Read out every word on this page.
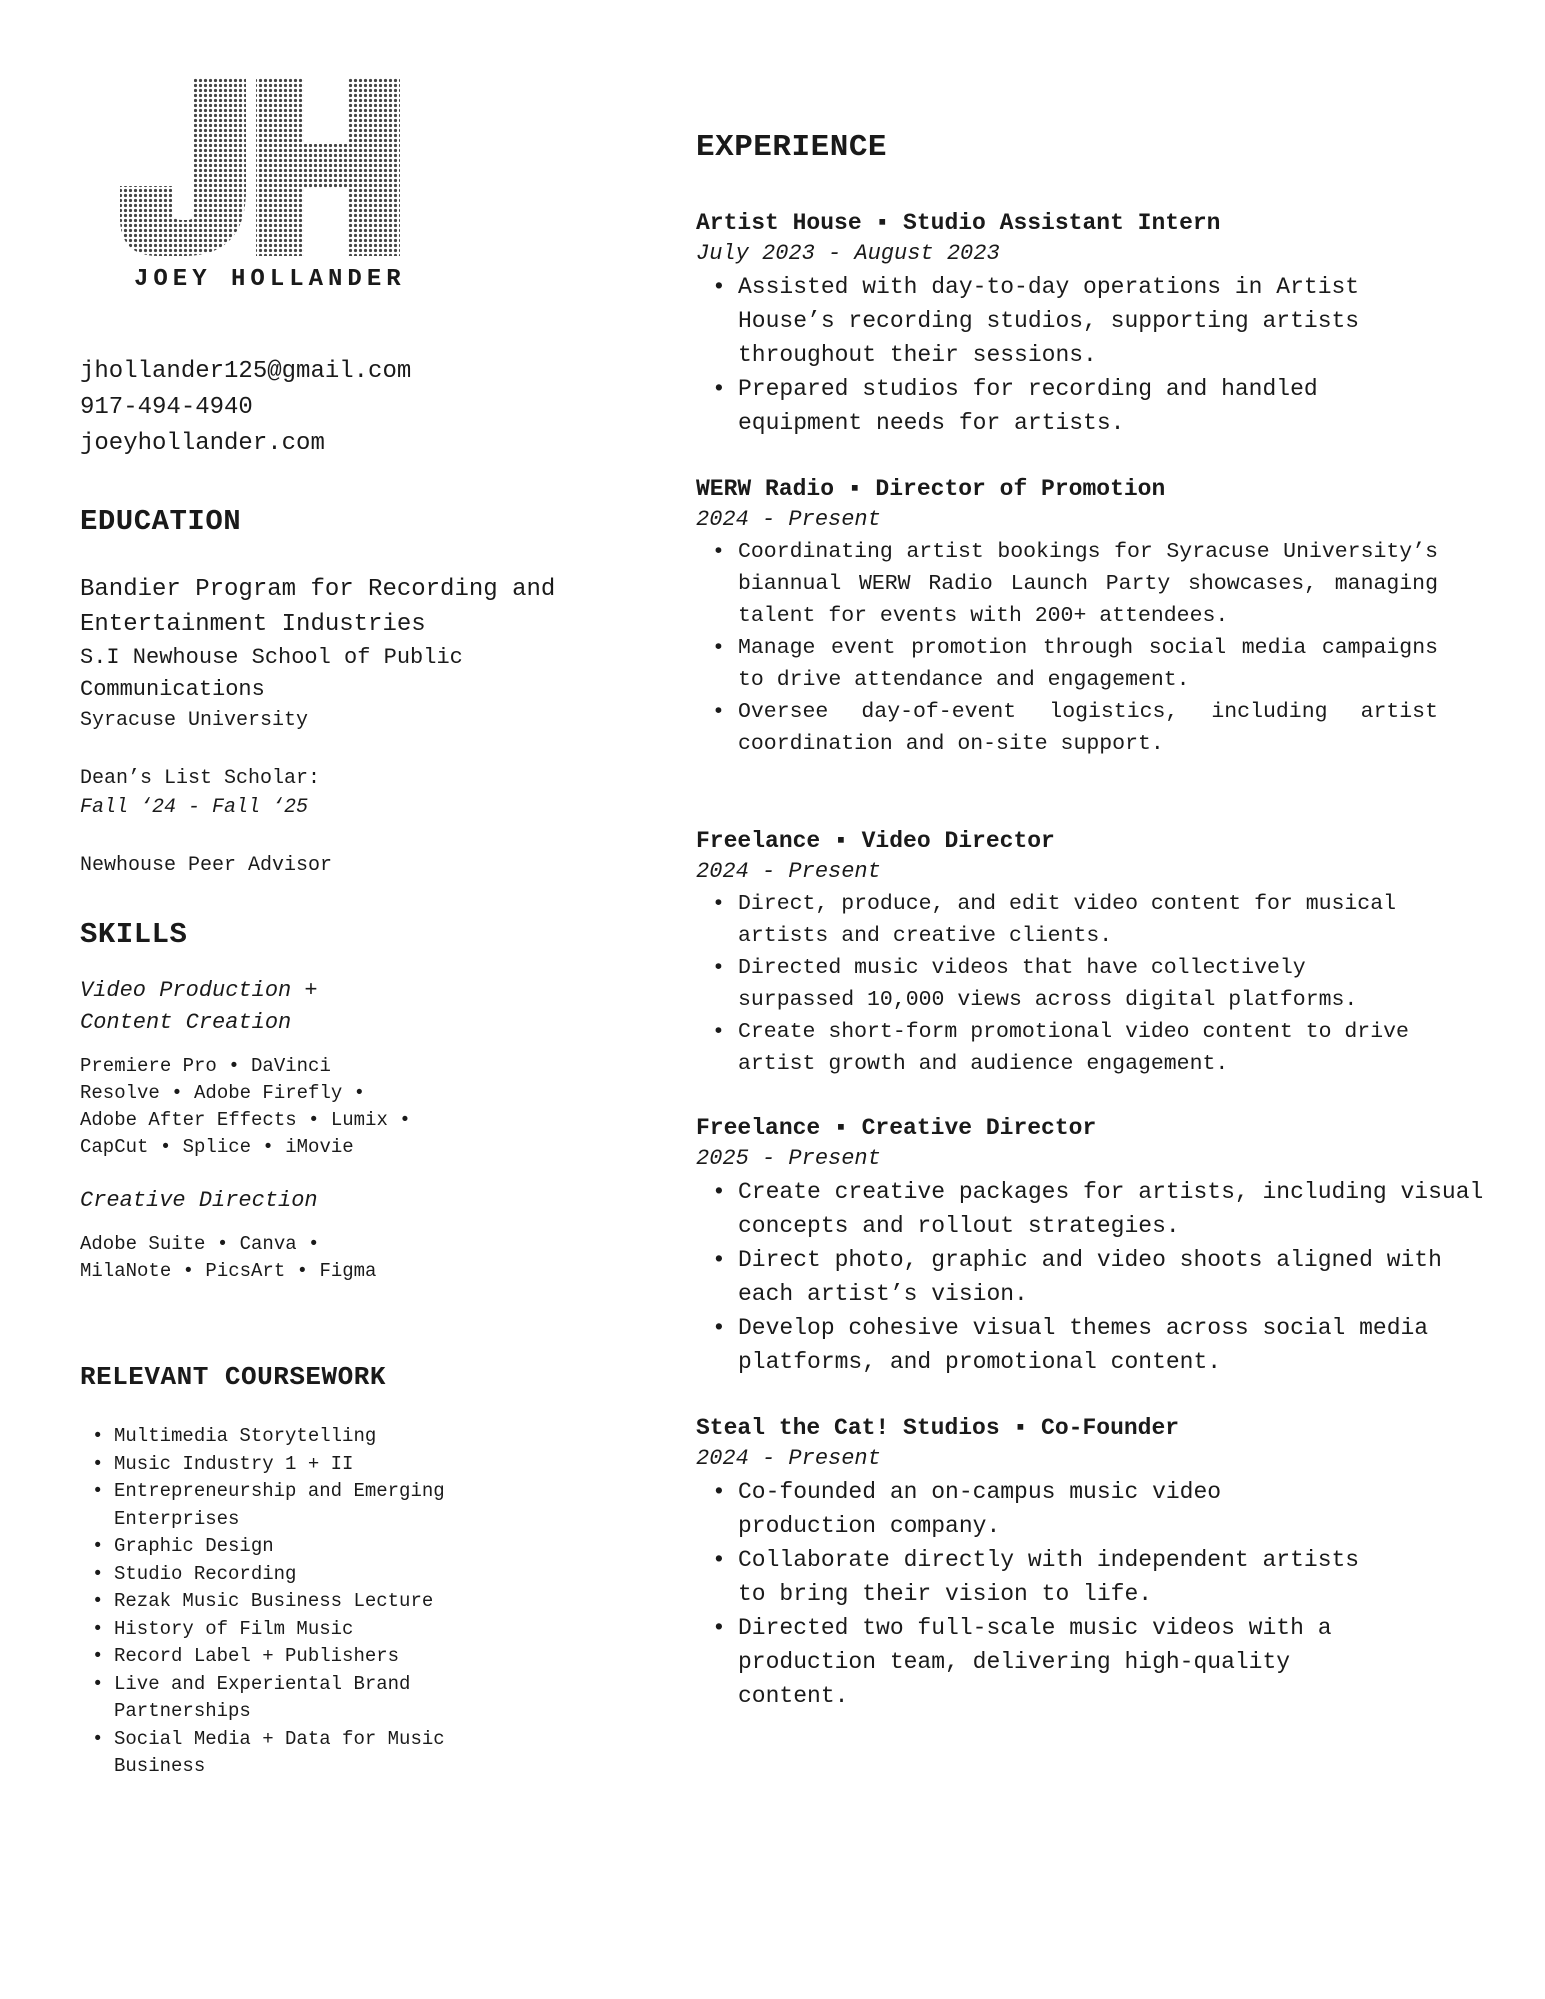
JH
JOEY HOLLANDER
jhollander125@gmail.com
917-494-4940
joeyhollander.com
EDUCATION
Bandier Program for Recording and
Entertainment Industries
S.I Newhouse School of Public
Communications
Syracuse University
Dean’s List Scholar:
Fall ‘24 - Fall ‘25
Newhouse Peer Advisor
SKILLS
Video Production +
Content Creation
Premiere Pro • DaVinci
Resolve • Adobe Firefly •
Adobe After Effects • Lumix •
CapCut • Splice • iMovie
Creative Direction
Adobe Suite • Canva •
MilaNote • PicsArt • Figma
RELEVANT COURSEWORK
• Multimedia Storytelling
• Music Industry 1 + II
• Entrepreneurship and Emerging Enterprises
• Graphic Design
• Studio Recording
• Rezak Music Business Lecture
• History of Film Music
• Record Label + Publishers
• Live and Experiental Brand Partnerships
• Social Media + Data for Music Business
EXPERIENCE
Artist House ▪ Studio Assistant Intern
July 2023 - August 2023
• Assisted with day-to-day operations in Artist House’s recording studios, supporting artists throughout their sessions.
• Prepared studios for recording and handled equipment needs for artists.
WERW Radio ▪ Director of Promotion
2024 - Present
• Coordinating artist bookings for Syracuse University’s biannual WERW Radio Launch Party showcases, managing talent for events with 200+ attendees.
• Manage event promotion through social media campaigns to drive attendance and engagement.
• Oversee day-of-event logistics, including artist coordination and on-site support.
Freelance ▪ Video Director
2024 - Present
• Direct, produce, and edit video content for musical artists and creative clients.
• Directed music videos that have collectively surpassed 10,000 views across digital platforms.
• Create short-form promotional video content to drive artist growth and audience engagement.
Freelance ▪ Creative Director
2025 - Present
• Create creative packages for artists, including visual concepts and rollout strategies.
• Direct photo, graphic and video shoots aligned with each artist’s vision.
• Develop cohesive visual themes across social media platforms, and promotional content.
Steal the Cat! Studios ▪ Co-Founder
2024 - Present
• Co-founded an on-campus music video production company.
• Collaborate directly with independent artists to bring their vision to life.
• Directed two full-scale music videos with a production team, delivering high-quality content.
